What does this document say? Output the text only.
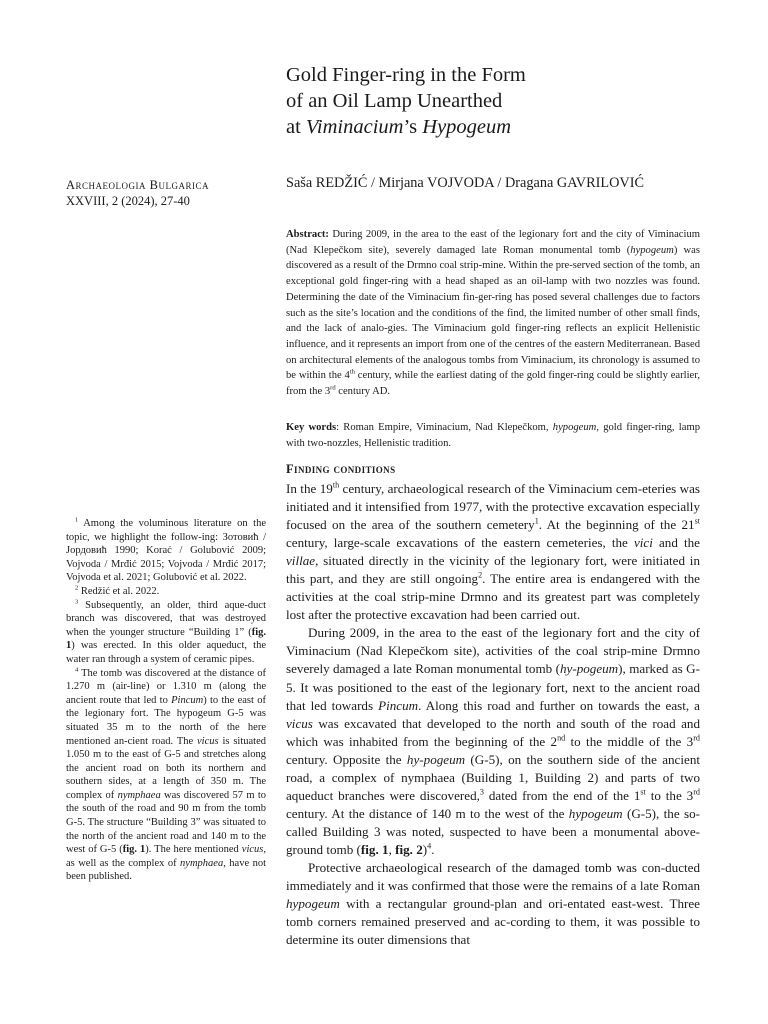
Gold Finger-ring in the Form
of an Oil Lamp Unearthed
at Viminacium’s Hypogeum
Archaeologia Bulgarica
XXVIII, 2 (2024), 27-40
Saša REDŽIĆ / Mirjana VOJVODA / Dragana GAVRILOVIĆ

Abstract: During 2009, in the area to the east of the legionary fort and the city of Viminacium (Nad Klepečkom site), severely damaged late Roman monumental tomb (hypogeum) was discovered as a result of the Drmno coal strip-mine. Within the pre-served section of the tomb, an exceptional gold finger-ring with a head shaped as an oil-lamp with two nozzles was found. Determining the date of the Viminacium fin-ger-ring has posed several challenges due to factors such as the site’s location and the conditions of the find, the limited number of other small finds, and the lack of analo-gies. The Viminacium gold finger-ring reflects an explicit Hellenistic influence, and it represents an import from one of the centres of the eastern Mediterranean. Based on architectural elements of the analogous tombs from Viminacium, its chronology is assumed to be within the 4th century, while the earliest dating of the gold finger-ring could be slightly earlier, from the 3rd century AD.

Key words: Roman Empire, Viminacium, Nad Klepečkom, hypogeum, gold finger-ring, lamp with two-nozzles, Hellenistic tradition.

Finding conditions

In the 19th century, archaeological research of the Viminacium cem-eteries was initiated and it intensified from 1977, with the protective excavation especially focused on the area of the southern cemetery$^1$. At the beginning of the 21st century, large-scale excavations of the eastern cemeteries, the vici and the villae, situated directly in the vicinity of the legionary fort, were initiated in this part, and they are still ongoing$^2$. The entire area is endangered with the activities at the coal strip-mine Drmno and its greatest part was completely lost after the protective excavation had been carried out.

During 2009, in the area to the east of the legionary fort and the city of Viminacium (Nad Klepečkom site), activities of the coal strip-mine Drmno severely damaged a late Roman monumental tomb (hy-pogeum), marked as G-5. It was positioned to the east of the legionary fort, next to the ancient road that led towards Pincum. Along this road and further on towards the east, a vicus was excavated that developed to the north and south of the road and which was inhabited from the beginning of the 2nd to the middle of the 3rd century. Opposite the hy-pogeum (G-5), on the southern side of the ancient road, a complex of nymphaea (Building 1, Building 2) and parts of two aqueduct branches were discovered,$^3$ dated from the end of the 1st to the 3rd century. At the distance of 140 m to the west of the hypogeum (G-5), the so-called Building 3 was noted, suspected to have been a monumental above-ground tomb (fig. 1, fig. 2)$^4$.

Protective archaeological research of the damaged tomb was con-ducted immediately and it was confirmed that those were the remains of a late Roman hypogeum with a rectangular ground-plan and ori-entated east-west. Three tomb corners remained preserved and ac-cording to them, it was possible to determine its outer dimensions that

$^1$ Among the voluminous literature on the topic, we highlight the follow-ing: Зотовић / Јордовић 1990; Korać / Golubović 2009; Vojvoda / Mrđić 2015; Vojvoda / Mrđić 2017; Vojvoda et al. 2021; Golubović et al. 2022.

$^2$ Redžić et al. 2022.

$^3$ Subsequently, an older, third aque-duct branch was discovered, that was destroyed when the younger structure “Building 1” (fig. 1) was erected. In this older aqueduct, the water ran through a system of ceramic pipes.

$^4$ The tomb was discovered at the distance of 1.270 m (air-line) or 1.310 m (along the ancient route that led to Pincum) to the east of the legionary fort. The hypogeum G-5 was situated 35 m to the north of the here mentioned an-cient road. The vicus is situated 1.050 m to the east of G-5 and stretches along the ancient road on both its northern and southern sides, at a length of 350 m. The complex of nymphaea was discovered 57 m to the south of the road and 90 m from the tomb G-5. The structure “Building 3” was situated to the north of the ancient road and 140 m to the west of G-5 (fig. 1). The here mentioned vicus, as well as the complex of nymphaea, have not been published.
